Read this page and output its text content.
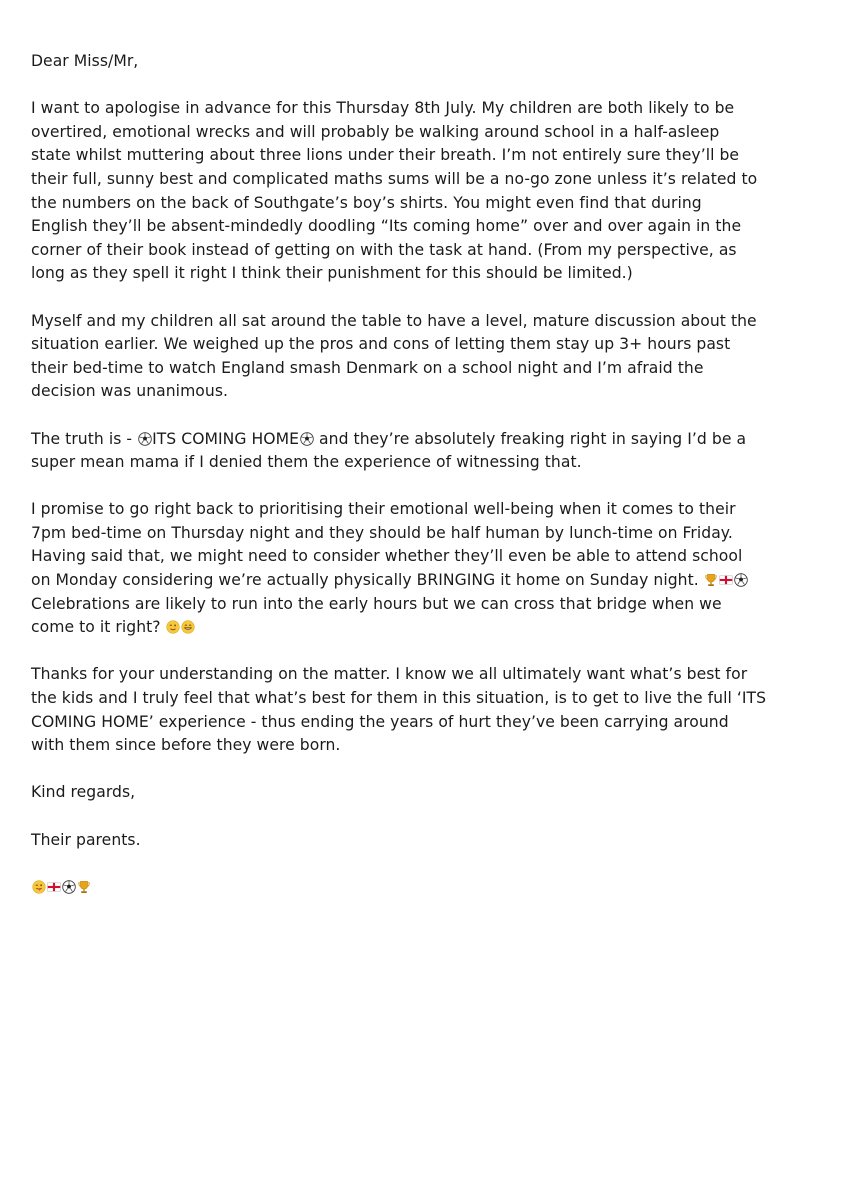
Dear Miss/Mr,

I want to apologise in advance for this Thursday 8th July. My children are both likely to be
overtired, emotional wrecks and will probably be walking around school in a half-asleep
state whilst muttering about three lions under their breath. I’m not entirely sure they’ll be
their full, sunny best and complicated maths sums will be a no-go zone unless it’s related to
the numbers on the back of Southgate’s boy’s shirts. You might even find that during
English they’ll be absent-mindedly doodling “Its coming home” over and over again in the
corner of their book instead of getting on with the task at hand. (From my perspective, as
long as they spell it right I think their punishment for this should be limited.)

Myself and my children all sat around the table to have a level, mature discussion about the
situation earlier. We weighed up the pros and cons of letting them stay up 3+ hours past
their bed-time to watch England smash Denmark on a school night and I’m afraid the
decision was unanimous.

The truth is - ITS COMING HOME and they’re absolutely freaking right in saying I’d be a
super mean mama if I denied them the experience of witnessing that.

I promise to go right back to prioritising their emotional well-being when it comes to their
7pm bed-time on Thursday night and they should be half human by lunch-time on Friday.
Having said that, we might need to consider whether they’ll even be able to attend school
on Monday considering we’re actually physically BRINGING it home on Sunday night.
Celebrations are likely to run into the early hours but we can cross that bridge when we
come to it right?

Thanks for your understanding on the matter. I know we all ultimately want what’s best for
the kids and I truly feel that what’s best for them in this situation, is to get to live the full ‘ITS
COMING HOME’ experience - thus ending the years of hurt they’ve been carrying around
with them since before they were born.

Kind regards,

Their parents.
